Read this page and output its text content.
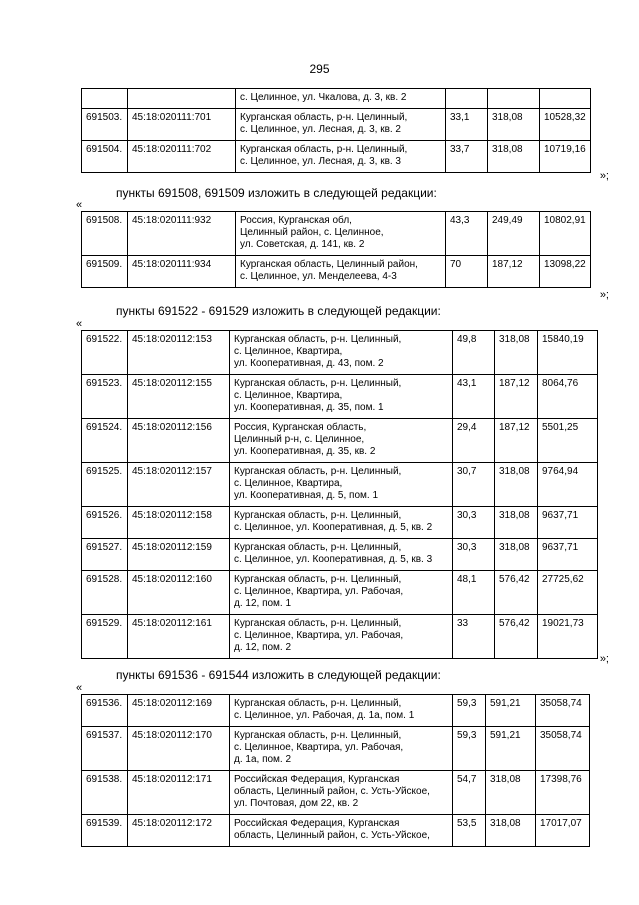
295

		с. Целинное, ул. Чкалова, д. 3, кв. 2			

691503.	45:18:020111:701	Курганская область, р-н. Целинный,
с. Целинное, ул. Лесная, д. 3, кв. 2	33,1	318,08	10528,32
691504.	45:18:020111:702	Курганская область, р-н. Целинный,
с. Целинное, ул. Лесная, д. 3, кв. 3	33,7	318,08	10719,16
»;
пункты 691508, 691509 изложить в следующей редакции:
«
691508.	45:18:020111:932	Россия, Курганская обл,
Целинный район, с. Целинное,
ул. Советская, д. 141, кв. 2	43,3	249,49	10802,91
691509.	45:18:020111:934	Курганская область, Целинный район,
с. Целинное, ул. Менделеева, 4-3	70	187,12	13098,22
»;
пункты 691522 - 691529 изложить в следующей редакции:
«
691522.	45:18:020112:153	Курганская область, р-н. Целинный,
с. Целинное, Квартира,
ул. Кооперативная, д. 43, пом. 2	49,8	318,08	15840,19
691523.	45:18:020112:155	Курганская область, р-н. Целинный,
с. Целинное, Квартира,
ул. Кооперативная, д. 35, пом. 1	43,1	187,12	8064,76
691524.	45:18:020112:156	Россия, Курганская область,
Целинный р-н, с. Целинное,
ул. Кооперативная, д. 35, кв. 2	29,4	187,12	5501,25
691525.	45:18:020112:157	Курганская область, р-н. Целинный,
с. Целинное, Квартира,
ул. Кооперативная, д. 5, пом. 1	30,7	318,08	9764,94
691526.	45:18:020112:158	Курганская область, р-н. Целинный,
с. Целинное, ул. Кооперативная, д. 5, кв. 2	30,3	318,08	9637,71
691527.	45:18:020112:159	Курганская область, р-н. Целинный,
с. Целинное, ул. Кооперативная, д. 5, кв. 3	30,3	318,08	9637,71
691528.	45:18:020112:160	Курганская область, р-н. Целинный,
с. Целинное, Квартира, ул. Рабочая,
д. 12, пом. 1	48,1	576,42	27725,62
691529.	45:18:020112:161	Курганская область, р-н. Целинный,
с. Целинное, Квартира, ул. Рабочая,
д. 12, пом. 2	33	576,42	19021,73
»;
пункты 691536 - 691544 изложить в следующей редакции:
«
691536.	45:18:020112:169	Курганская область, р-н. Целинный,
с. Целинное, ул. Рабочая, д. 1а, пом. 1	59,3	591,21	35058,74
691537.	45:18:020112:170	Курганская область, р-н. Целинный,
с. Целинное, Квартира, ул. Рабочая,
д. 1а, пом. 2	59,3	591,21	35058,74
691538.	45:18:020112:171	Российская Федерация, Курганская
область, Целинный район, с. Усть-Уйское,
ул. Почтовая, дом 22, кв. 2	54,7	318,08	17398,76
691539.	45:18:020112:172	Российская Федерация, Курганская
область, Целинный район, с. Усть-Уйское,	53,5	318,08	17017,07
